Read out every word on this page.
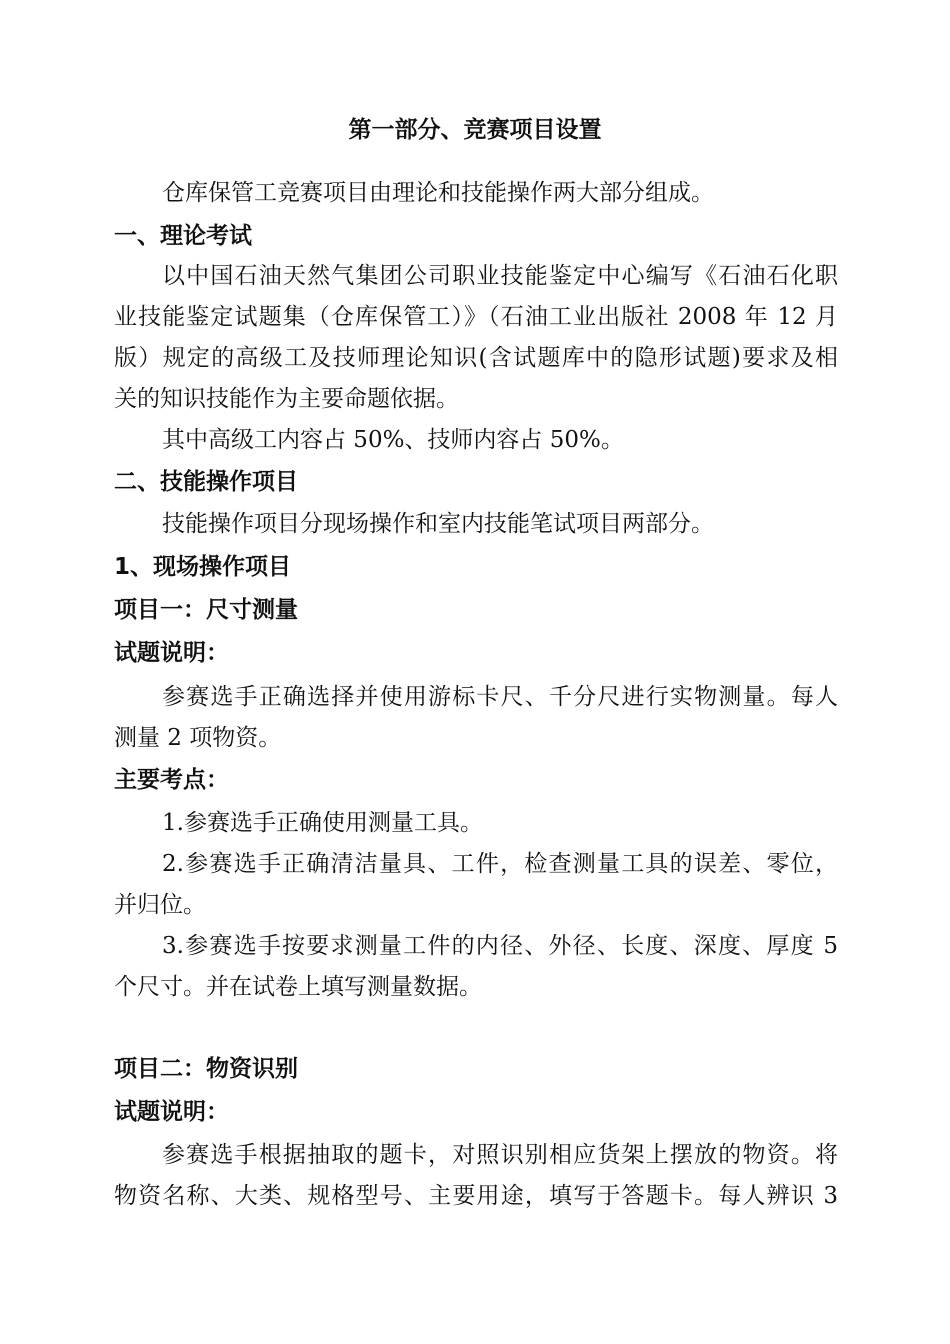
第一部分、竞赛项目设置
仓库保管工竞赛项目由理论和技能操作两大部分组成。
一、理论考试
以中国石油天然气集团公司职业技能鉴定中心编写《石油石化职
业技能鉴定试题集（仓库保管工）》（石油工业出版社 2008 年 12 月
版）规定的高级工及技师理论知识(含试题库中的隐形试题)要求及相
关的知识技能作为主要命题依据。
其中高级工内容占 50%、技师内容占 50%。
二、技能操作项目
技能操作项目分现场操作和室内技能笔试项目两部分。
1、现场操作项目
项目一：尺寸测量
试题说明：
参赛选手正确选择并使用游标卡尺、千分尺进行实物测量。每人
测量 2 项物资。
主要考点：
1.参赛选手正确使用测量工具。
2.参赛选手正确清洁量具、工件，检查测量工具的误差、零位，
并归位。
3.参赛选手按要求测量工件的内径、外径、长度、深度、厚度 5
个尺寸。并在试卷上填写测量数据。
项目二：物资识别
试题说明：
参赛选手根据抽取的题卡，对照识别相应货架上摆放的物资。将
物资名称、大类、规格型号、主要用途，填写于答题卡。每人辨识 3
